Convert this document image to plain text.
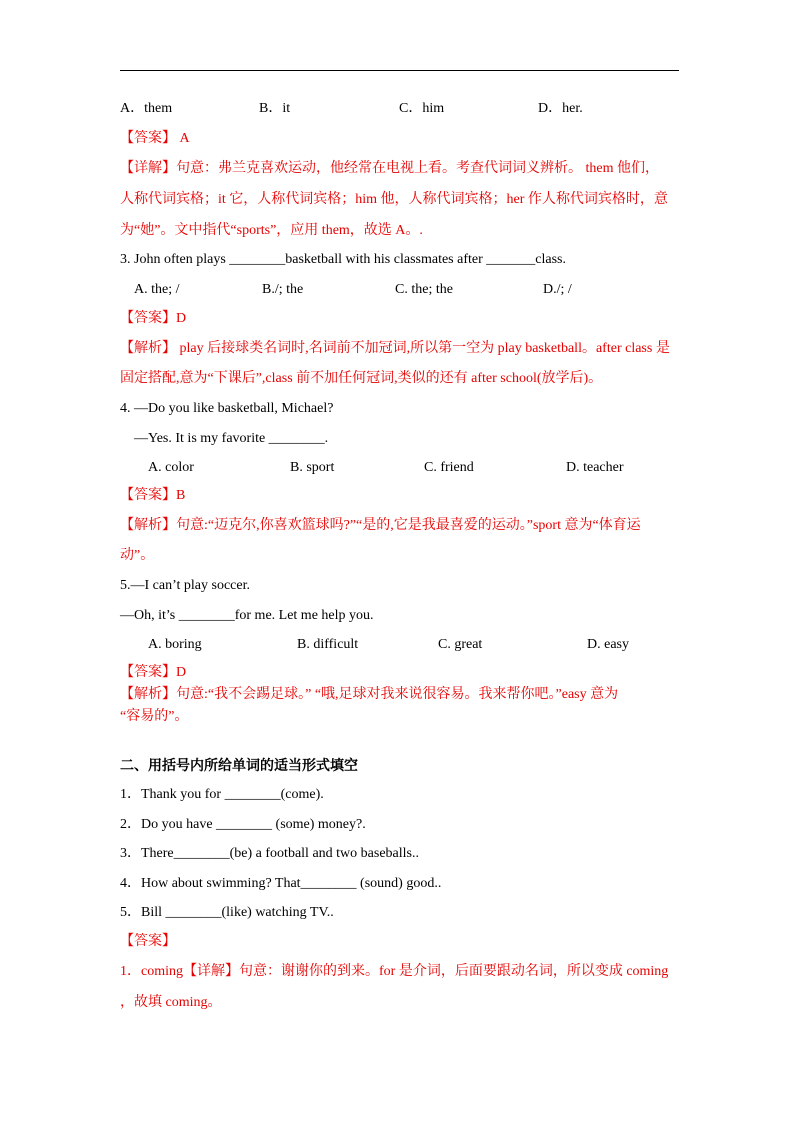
A．them	B．it	C．him	D．her.
【答案】 A
【详解】句意：弗兰克喜欢运动，他经常在电视上看。考查代词词义辨析。 them 他们，
人称代词宾格；it 它，人称代词宾格；him 他，人称代词宾格；her 作人称代词宾格时，意
为“她”。文中指代“sports”，应用 them，故选 A。.
3. John often plays ________basketball with his classmates after _______class.
A. the; /	B./; the	C. the; the	D./; /
【答案】D
【解析】 play 后接球类名词时,名词前不加冠词,所以第一空为 play basketball。after class 是
固定搭配,意为“下课后”,class 前不加任何冠词,类似的还有 after school(放学后)。
4. —Do you like basketball, Michael?
—Yes. It is my favorite ________.
A. color	B. sport	C. friend	D. teacher
【答案】B
【解析】句意:“迈克尔,你喜欢篮球吗?”“是的,它是我最喜爱的运动。”sport 意为“体育运
动”。
5.—I can’t play soccer.
—Oh, it’s ________for me. Let me help you.
A. boring	B. difficult	C. great	D. easy
【答案】D
【解析】句意:“我不会踢足球。” “哦,足球对我来说很容易。我来帮你吧。”easy 意为
“容易的”。
二、用括号内所给单词的适当形式填空
1．Thank you for ________(come).
2．Do you have ________ (some) money?.
3．There________(be) a football and two baseballs..
4．How about swimming? That________ (sound) good..
5．Bill ________(like) watching TV..
【答案】
1．coming【详解】句意：谢谢你的到来。for 是介词，后面要跟动名词，所以变成 coming
，故填 coming。
